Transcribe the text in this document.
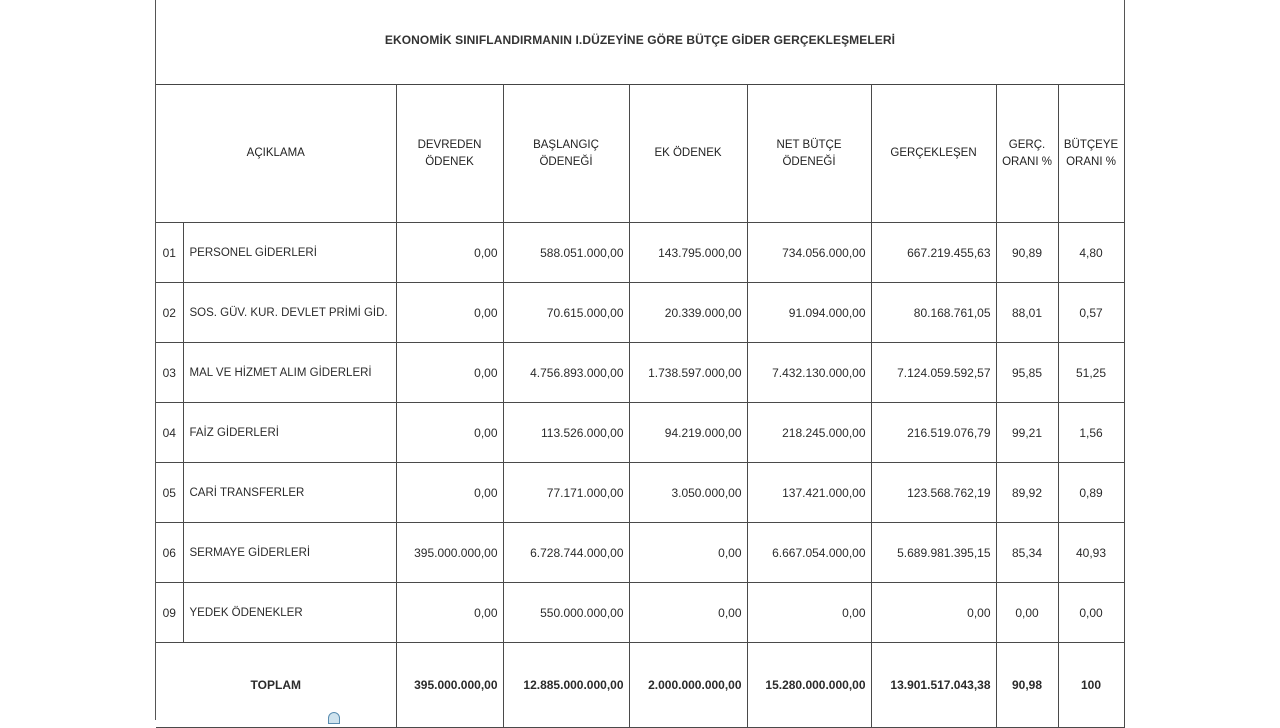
EKONOMİK SINIFLANDIRMANIN I.DÜZEYİNE GÖRE BÜTÇE GİDER GERÇEKLEŞMELERİ
AÇIKLAMA		DEVREDEN ÖDENEK	BAŞLANGIÇ ÖDENEĞİ	EK ÖDENEK	NET BÜTÇE ÖDENEĞİ	GERÇEKLEŞEN	GERÇ. ORANI %	BÜTÇEYE ORANI %
01	PERSONEL GİDERLERİ	0,00	588.051.000,00	143.795.000,00	734.056.000,00	667.219.455,63	90,89	4,80
02	SOS. GÜV. KUR. DEVLET PRİMİ GİD.	0,00	70.615.000,00	20.339.000,00	91.094.000,00	80.168.761,05	88,01	0,57
03	MAL VE HİZMET ALIM GİDERLERİ	0,00	4.756.893.000,00	1.738.597.000,00	7.432.130.000,00	7.124.059.592,57	95,85	51,25
04	FAİZ GİDERLERİ	0,00	113.526.000,00	94.219.000,00	218.245.000,00	216.519.076,79	99,21	1,56
05	CARİ TRANSFERLER	0,00	77.171.000,00	3.050.000,00	137.421.000,00	123.568.762,19	89,92	0,89
06	SERMAYE GİDERLERİ	395.000.000,00	6.728.744.000,00	0,00	6.667.054.000,00	5.689.981.395,15	85,34	40,93
09	YEDEK ÖDENEKLER	0,00	550.000.000,00	0,00	0,00	0,00	0,00	0,00
TOPLAM		395.000.000,00	12.885.000.000,00	2.000.000.000,00	15.280.000.000,00	13.901.517.043,38	90,98	100
